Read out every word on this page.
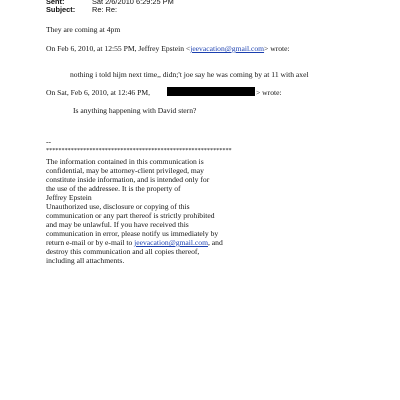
Sent:	Sat 2/6/2010 6:29:25 PM
Subject: Re: Re:
They are coming at 4pm
On Feb 6, 2010, at 12:55 PM, Jeffrey Epstein <jeevacation@gmail.com> wrote:
nothing i told hijm next time,, didn;'t joe say he was coming by at 11 with axel
On Sat, Feb 6, 2010, at 12:46 PM,	> wrote:
Is anything happening with David stern?
--
************************************************************
The information contained in this communication is
confidential, may be attorney-client privileged, may
constitute inside information, and is intended only for
the use of the addressee. It is the property of
Jeffrey Epstein
Unauthorized use, disclosure or copying of this
communication or any part thereof is strictly prohibited
and may be unlawful. If you have received this
communication in error, please notify us immediately by
return e-mail or by e-mail to jeevacation@gmail.com, and
destroy this communication and all copies thereof,
including all attachments.
